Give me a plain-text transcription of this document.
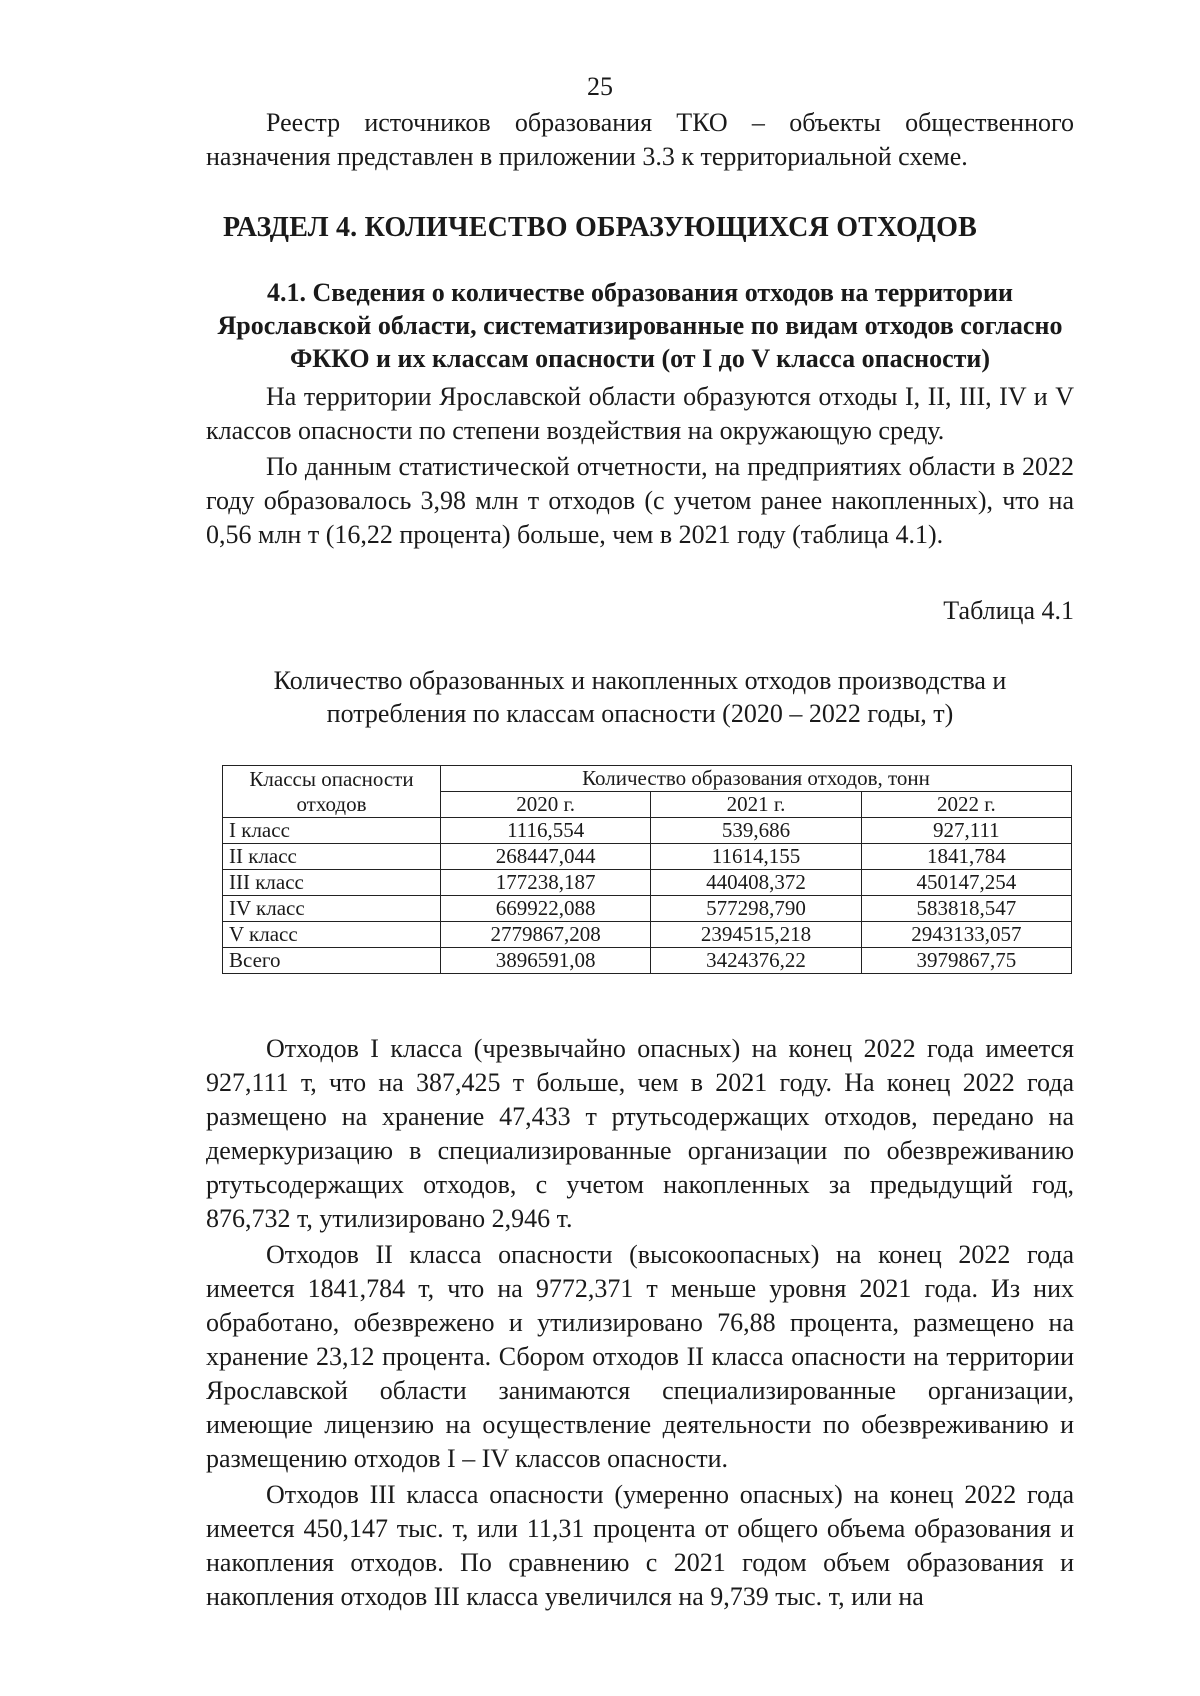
25

Реестр источников образования ТКО – объекты общественного назначения представлен в приложении 3.3 к территориальной схеме.

РАЗДЕЛ 4. КОЛИЧЕСТВО ОБРАЗУЮЩИХСЯ ОТХОДОВ
4.1. Сведения о количестве образования отходов на территории Ярославской области, систематизированные по видам отходов согласно ФККО и их классам опасности (от I до V класса опасности)

На территории Ярославской области образуются отходы I, II, III, IV и V классов опасности по степени воздействия на окружающую среду.

По данным статистической отчетности, на предприятиях области в 2022 году образовалось 3,98 млн т отходов (с учетом ранее накопленных), что на 0,56 млн т (16,22 процента) больше, чем в 2021 году (таблица 4.1).

Таблица 4.1
Количество образованных и накопленных отходов производства и потребления по классам опасности (2020 – 2022 годы, т)
Классы опасности отходов	Количество образования отходов, тонн		
	2020 г.	2021 г.	2022 г.
I класс	1116,554	539,686	927,111
II класс	268447,044	11614,155	1841,784
III класс	177238,187	440408,372	450147,254
IV класс	669922,088	577298,790	583818,547
V класс	2779867,208	2394515,218	2943133,057
Всего	3896591,08	3424376,22	3979867,75

Отходов I класса (чрезвычайно опасных) на конец 2022 года имеется 927,111 т, что на 387,425 т больше, чем в 2021 году. На конец 2022 года размещено на хранение 47,433 т ртутьсодержащих отходов, передано на демеркуризацию в специализированные организации по обезвреживанию ртутьсодержащих отходов, с учетом накопленных за предыдущий год, 876,732 т, утилизировано 2,946 т.

Отходов II класса опасности (высокоопасных) на конец 2022 года имеется 1841,784 т, что на 9772,371 т меньше уровня 2021 года. Из них обработано, обезврежено и утилизировано 76,88 процента, размещено на хранение 23,12 процента. Сбором отходов II класса опасности на территории Ярославской области занимаются специализированные организации, имеющие лицензию на осуществление деятельности по обезвреживанию и размещению отходов I – IV классов опасности.

Отходов III класса опасности (умеренно опасных) на конец 2022 года имеется 450,147 тыс. т, или 11,31 процента от общего объема образования и накопления отходов. По сравнению с 2021 годом объем образования и накопления отходов III класса увеличился на 9,739 тыс. т, или на
